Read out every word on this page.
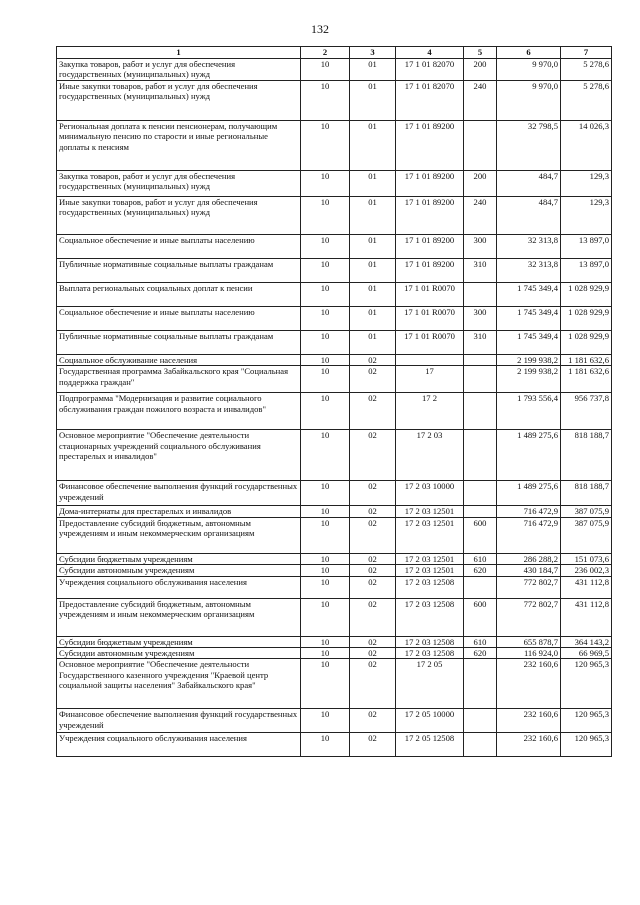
132
1	2	3	4	5	6	7
Закупка товаров, работ и услуг для обеспечения государственных (муниципальных) нужд	10	01	17 1 01 82070	200	9 970,0	5 278,6
Иные закупки товаров, работ и услуг для обеспечения государственных (муниципальных) нужд	10	01	17 1 01 82070	240	9 970,0	5 278,6
Региональная доплата к пенсии пенсионерам, получающим минимальную пенсию по старости и иные региональные доплаты к пенсиям	10	01	17 1 01 89200		32 798,5	14 026,3
Закупка товаров, работ и услуг для обеспечения государственных (муниципальных) нужд	10	01	17 1 01 89200	200	484,7	129,3
Иные закупки товаров, работ и услуг для обеспечения государственных (муниципальных) нужд	10	01	17 1 01 89200	240	484,7	129,3
Социальное обеспечение и иные выплаты населению	10	01	17 1 01 89200	300	32 313,8	13 897,0
Публичные нормативные социальные выплаты гражданам	10	01	17 1 01 89200	310	32 313,8	13 897,0
Выплата региональных социальных доплат к пенсии	10	01	17 1 01 R0070		1 745 349,4	1 028 929,9
Социальное обеспечение и иные выплаты населению	10	01	17 1 01 R0070	300	1 745 349,4	1 028 929,9
Публичные нормативные социальные выплаты гражданам	10	01	17 1 01 R0070	310	1 745 349,4	1 028 929,9
Социальное обслуживание населения	10	02			2 199 938,2	1 181 632,6
Государственная программа Забайкальского края "Социальная поддержка граждан"	10	02	17		2 199 938,2	1 181 632,6
Подпрограмма "Модернизация и развитие социального обслуживания граждан пожилого возраста и инвалидов"	10	02	17 2		1 793 556,4	956 737,8
Основное мероприятие "Обеспечение деятельности стационарных учреждений социального обслуживания престарелых и инвалидов"	10	02	17 2 03		1 489 275,6	818 188,7
Финансовое обеспечение выполнения функций государственных учреждений	10	02	17 2 03 10000		1 489 275,6	818 188,7
Дома-интернаты для престарелых и инвалидов	10	02	17 2 03 12501		716 472,9	387 075,9
Предоставление субсидий бюджетным, автономным учреждениям и иным некоммерческим организациям	10	02	17 2 03 12501	600	716 472,9	387 075,9
Субсидии бюджетным учреждениям	10	02	17 2 03 12501	610	286 288,2	151 073,6
Субсидии автономным учреждениям	10	02	17 2 03 12501	620	430 184,7	236 002,3
Учреждения социального обслуживания населения	10	02	17 2 03 12508		772 802,7	431 112,8
Предоставление субсидий бюджетным, автономным учреждениям и иным некоммерческим организациям	10	02	17 2 03 12508	600	772 802,7	431 112,8
Субсидии бюджетным учреждениям	10	02	17 2 03 12508	610	655 878,7	364 143,2
Субсидии автономным учреждениям	10	02	17 2 03 12508	620	116 924,0	66 969,5
Основное мероприятие "Обеспечение деятельности Государственного казенного учреждения "Краевой центр социальной защиты населения" Забайкальского края"	10	02	17 2 05		232 160,6	120 965,3
Финансовое обеспечение выполнения функций государственных учреждений	10	02	17 2 05 10000		232 160,6	120 965,3
Учреждения социального обслуживания населения	10	02	17 2 05 12508		232 160,6	120 965,3
